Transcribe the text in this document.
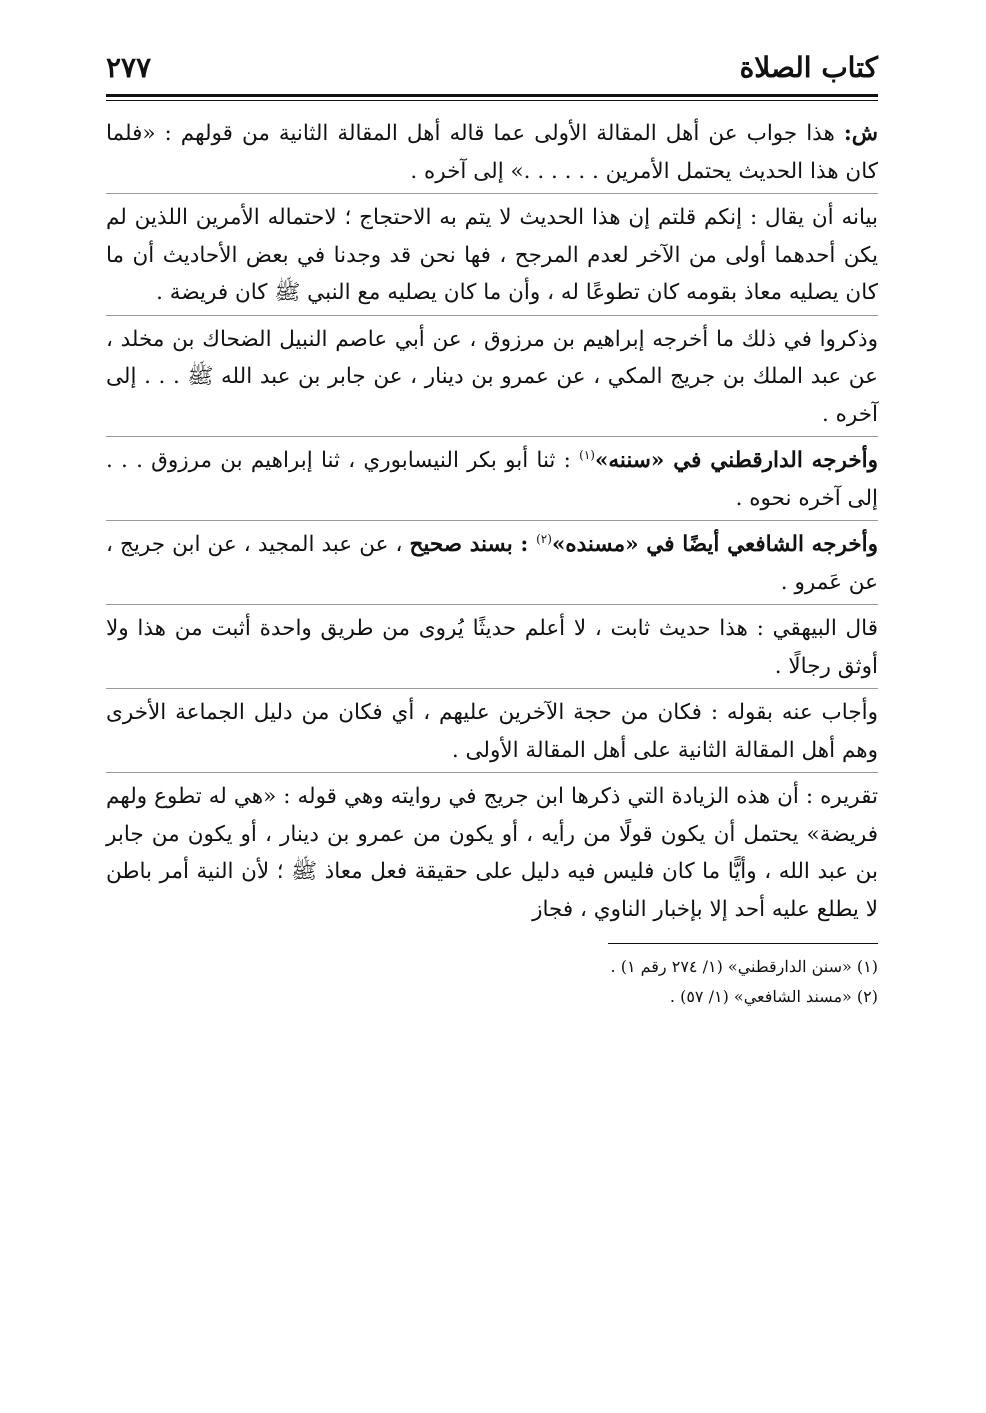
كتاب الصلاة
٢٧٧

ش: هذا جواب عن أهل المقالة الأولى عما قاله أهل المقالة الثانية من قولهم : «فلما كان هذا الحديث يحتمل الأمرين . . . . . .» إلى آخره .

بيانه أن يقال : إنكم قلتم إن هذا الحديث لا يتم به الاحتجاج ؛ لاحتماله الأمرين اللذين لم يكن أحدهما أولى من الآخر لعدم المرجح ، فها نحن قد وجدنا في بعض الأحاديث أن ما كان يصليه معاذ بقومه كان تطوعًا له ، وأن ما كان يصليه مع النبي ﷺ كان فريضة .

وذكروا في ذلك ما أخرجه إبراهيم بن مرزوق ، عن أبي عاصم النبيل الضحاك بن مخلد ، عن عبد الملك بن جريج المكي ، عن عمرو بن دينار ، عن جابر بن عبد الله ﷺ . . . إلى آخره .

وأخرجه الدارقطني في «سننه»$^{(١)}$ : ثنا أبو بكر النيسابوري ، ثنا إبراهيم بن مرزوق . . . إلى آخره نحوه .

وأخرجه الشافعي أيضًا في «مسنده»$^{(٢)}$ : بسند صحيح ، عن عبد المجيد ، عن ابن جريج ، عن عَمرو .

قال البيهقي : هذا حديث ثابت ، لا أعلم حديثًا يُروى من طريق واحدة أثبت من هذا ولا أوثق رجالًا .

وأجاب عنه بقوله : فكان من حجة الآخرين عليهم ، أي فكان من دليل الجماعة الأخرى وهم أهل المقالة الثانية على أهل المقالة الأولى .

تقريره : أن هذه الزيادة التي ذكرها ابن جريج في روايته وهي قوله : «هي له تطوع ولهم فريضة» يحتمل أن يكون قولًا من رأيه ، أو يكون من عمرو بن دينار ، أو يكون من جابر بن عبد الله ، وأيًّا ما كان فليس فيه دليل على حقيقة فعل معاذ ﷺ ؛ لأن النية أمر باطن لا يطلع عليه أحد إلا بإخبار الناوي ، فجاز

(١) «سنن الدارقطني» (١/ ٢٧٤ رقم ١) .

(٢) «مسند الشافعي» (١/ ٥٧) .
